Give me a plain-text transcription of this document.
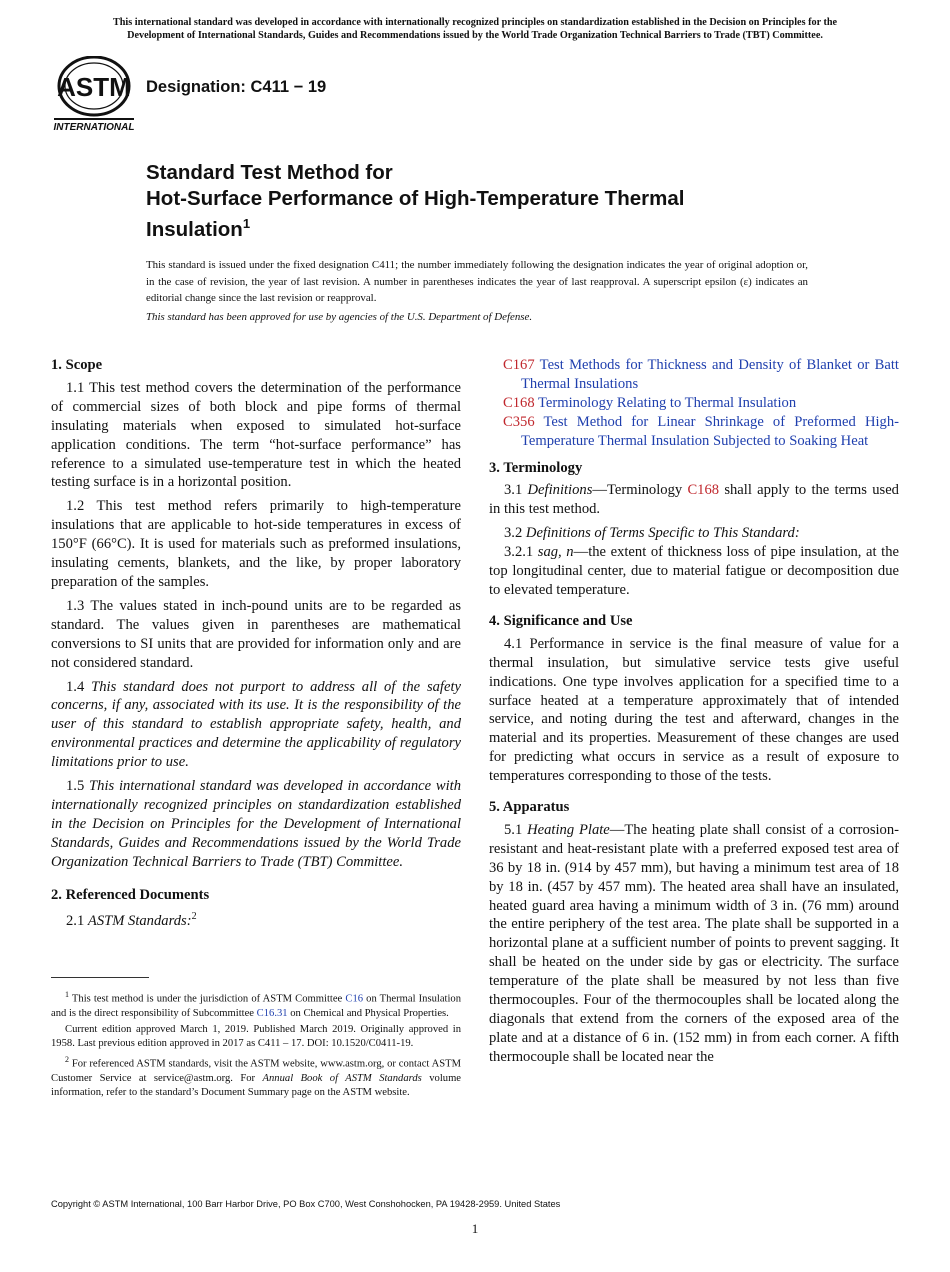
This international standard was developed in accordance with internationally recognized principles on standardization established in the Decision on Principles for the
Development of International Standards, Guides and Recommendations issued by the World Trade Organization Technical Barriers to Trade (TBT) Committee.
ASTM
INTERNATIONAL
Designation: C411 − 19
Standard Test Method for
Hot-Surface Performance of High-Temperature Thermal
Insulation$^1$
This standard is issued under the fixed designation C411; the number immediately following the designation indicates the year of original adoption or, in the case of revision, the year of last revision. A number in parentheses indicates the year of last reapproval. A superscript epsilon (ε) indicates an editorial change since the last revision or reapproval.
This standard has been approved for use by agencies of the U.S. Department of Defense.
1. Scope

1.1 This test method covers the determination of the performance of commercial sizes of both block and pipe forms of thermal insulating materials when exposed to simulated hot-surface application conditions. The term “hot-surface performance” has reference to a simulated use-temperature test in which the heated testing surface is in a horizontal position.

1.2 This test method refers primarily to high-temperature insulations that are applicable to hot-side temperatures in excess of 150°F (66°C). It is used for materials such as preformed insulations, insulating cements, blankets, and the like, by proper laboratory preparation of the samples.

1.3 The values stated in inch-pound units are to be regarded as standard. The values given in parentheses are mathematical conversions to SI units that are provided for information only and are not considered standard.

1.4 This standard does not purport to address all of the safety concerns, if any, associated with its use. It is the responsibility of the user of this standard to establish appropriate safety, health, and environmental practices and determine the applicability of regulatory limitations prior to use.

1.5 This international standard was developed in accordance with internationally recognized principles on standardization established in the Decision on Principles for the Development of International Standards, Guides and Recommendations issued by the World Trade Organization Technical Barriers to Trade (TBT) Committee.

2. Referenced Documents

2.1 ASTM Standards:$^2$

$^1$ This test method is under the jurisdiction of ASTM Committee C16 on Thermal Insulation and is the direct responsibility of Subcommittee C16.31 on Chemical and Physical Properties.

Current edition approved March 1, 2019. Published March 2019. Originally approved in 1958. Last previous edition approved in 2017 as C411 – 17. DOI: 10.1520/C0411-19.

$^2$ For referenced ASTM standards, visit the ASTM website, www.astm.org, or contact ASTM Customer Service at service@astm.org. For Annual Book of ASTM Standards volume information, refer to the standard’s Document Summary page on the ASTM website.

C167 Test Methods for Thickness and Density of Blanket or Batt Thermal Insulations

C168 Terminology Relating to Thermal Insulation

C356 Test Method for Linear Shrinkage of Preformed High-Temperature Thermal Insulation Subjected to Soaking Heat

3. Terminology

3.1 Definitions—Terminology C168 shall apply to the terms used in this test method.

3.2 Definitions of Terms Specific to This Standard:

3.2.1 sag, n—the extent of thickness loss of pipe insulation, at the top longitudinal center, due to material fatigue or decomposition due to elevated temperature.

4. Significance and Use

4.1 Performance in service is the final measure of value for a thermal insulation, but simulative service tests give useful indications. One type involves application for a specified time to a surface heated at a temperature approximately that of intended service, and noting during the test and afterward, changes in the material and its properties. Measurement of these changes are used for predicting what occurs in service as a result of exposure to temperatures corresponding to those of the tests.

5. Apparatus

5.1 Heating Plate—The heating plate shall consist of a corrosion-resistant and heat-resistant plate with a preferred exposed test area of 36 by 18 in. (914 by 457 mm), but having a minimum test area of 18 by 18 in. (457 by 457 mm). The heated area shall have an insulated, heated guard area having a minimum width of 3 in. (76 mm) around the entire periphery of the test area. The plate shall be supported in a horizontal plane at a sufficient number of points to prevent sagging. It shall be heated on the under side by gas or electricity. The surface temperature of the plate shall be measured by not less than five thermocouples. Four of the thermocouples shall be located along the diagonals that extend from the corners of the exposed area of the plate and at a distance of 6 in. (152 mm) in from each corner. A fifth thermocouple shall be located near the

Copyright © ASTM International, 100 Barr Harbor Drive, PO Box C700, West Conshohocken, PA 19428-2959. United States
1
